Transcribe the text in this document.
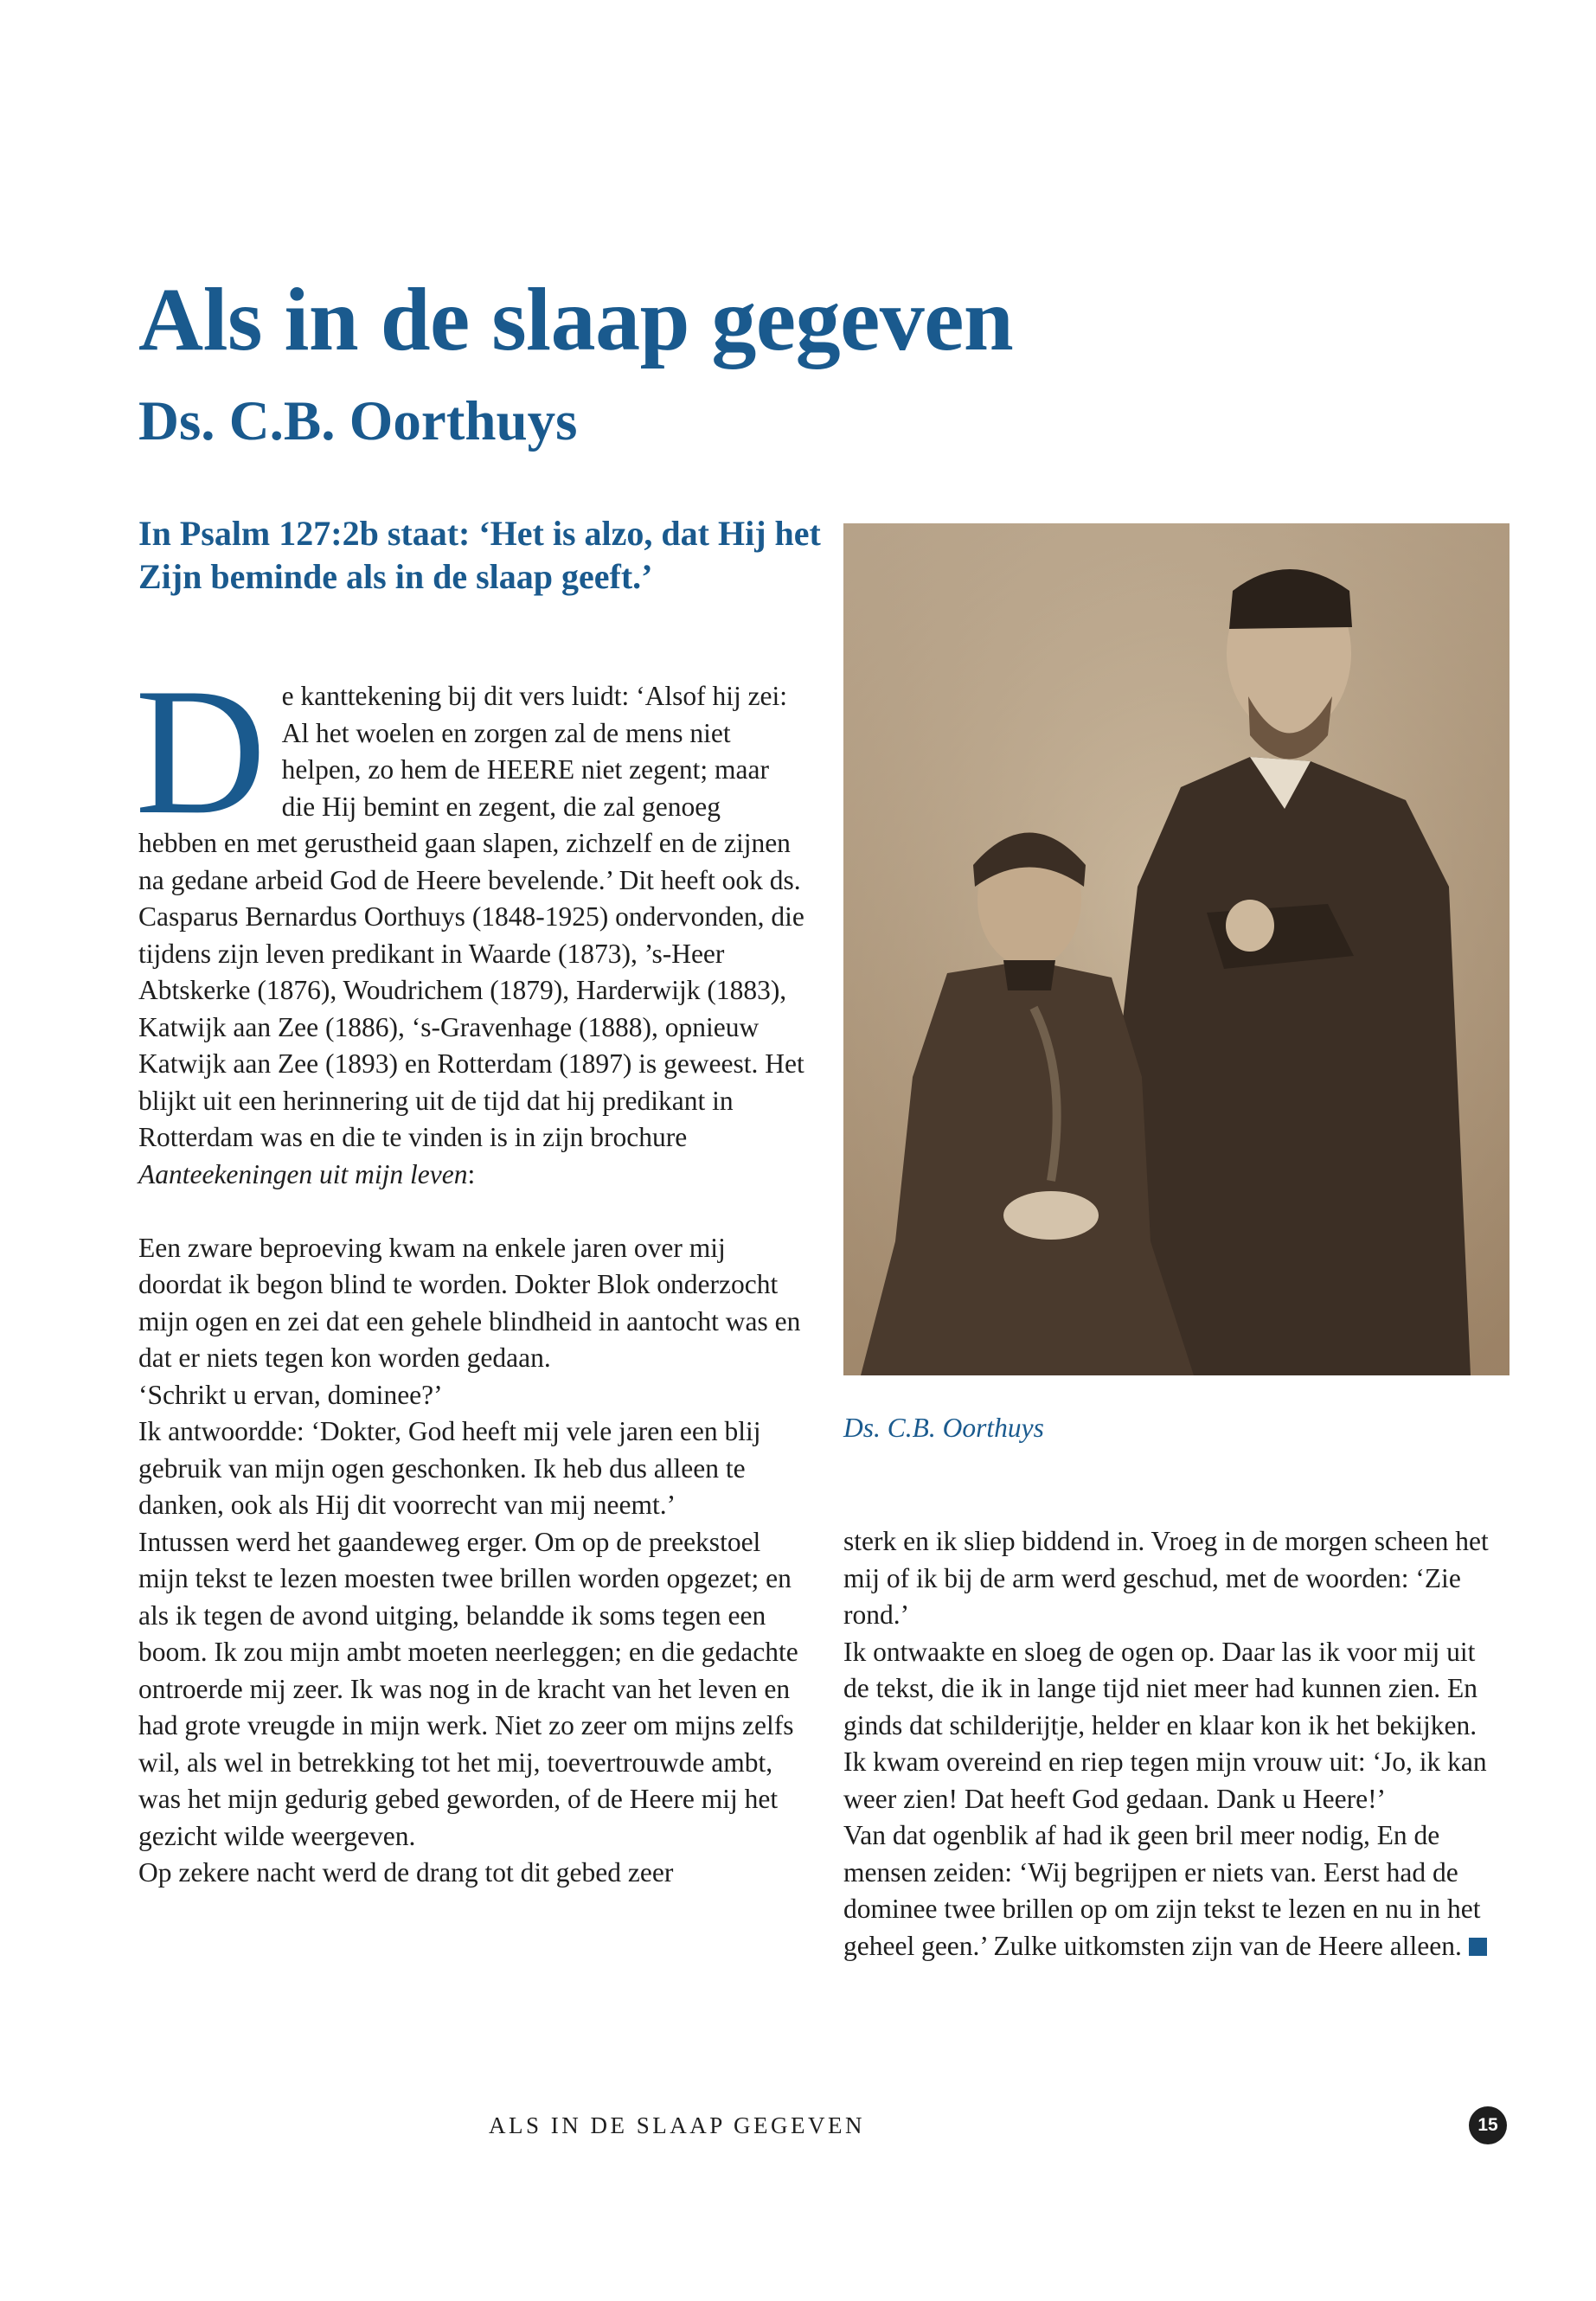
Als in de slaap gegeven
Ds. C.B. Oorthuys

In Psalm 127:2b staat: ‘Het is alzo, dat Hij het Zijn beminde als in de slaap geeft.’

De kanttekening bij dit vers luidt: ‘Alsof hij zei: Al het woelen en zorgen zal de mens niet helpen, zo hem de HEERE niet zegent; maar die Hij bemint en zegent, die zal genoeg hebben en met gerustheid gaan slapen, zichzelf en de zijnen na gedane arbeid God de Heere bevelende.’ Dit heeft ook ds. Casparus Bernardus Oorthuys (1848-1925) ondervonden, die tijdens zijn leven predikant in Waarde (1873), ’s-Heer Abtskerke (1876), Woudrichem (1879), Harderwijk (1883), Katwijk aan Zee (1886), ‘s-Gravenhage (1888), opnieuw Katwijk aan Zee (1893) en Rotterdam (1897) is geweest. Het blijkt uit een herinnering uit de tijd dat hij predikant in Rotterdam was en die te vinden is in zijn brochure Aanteekeningen uit mijn leven:

Een zware beproeving kwam na enkele jaren over mij doordat ik begon blind te worden. Dokter Blok onderzocht mijn ogen en zei dat een gehele blindheid in aantocht was en dat er niets tegen kon worden gedaan.

‘Schrikt u ervan, dominee?’

Ik antwoordde: ‘Dokter, God heeft mij vele jaren een blij gebruik van mijn ogen geschonken. Ik heb dus alleen te danken, ook als Hij dit voorrecht van mij neemt.’

Intussen werd het gaandeweg erger. Om op de preekstoel mijn tekst te lezen moesten twee brillen worden opgezet; en als ik tegen de avond uitging, belandde ik soms tegen een boom. Ik zou mijn ambt moeten neerleggen; en die gedachte ontroerde mij zeer. Ik was nog in de kracht van het leven en had grote vreugde in mijn werk. Niet zo zeer om mijns zelfs wil, als wel in betrekking tot het mij, toevertrouwde ambt, was het mijn gedurig gebed geworden, of de Heere mij het gezicht wilde weergeven.

Op zekere nacht werd de drang tot dit gebed zeer

Ds. C.B. Oorthuys

sterk en ik sliep biddend in. Vroeg in de morgen scheen het mij of ik bij de arm werd geschud, met de woorden: ‘Zie rond.’

Ik ontwaakte en sloeg de ogen op. Daar las ik voor mij uit de tekst, die ik in lange tijd niet meer had kunnen zien. En ginds dat schilderijtje, helder en klaar kon ik het bekijken. Ik kwam overeind en riep tegen mijn vrouw uit: ‘Jo, ik kan weer zien! Dat heeft God gedaan. Dank u Heere!’

Van dat ogenblik af had ik geen bril meer nodig, En de mensen zeiden: ‘Wij begrijpen er niets van. Eerst had de dominee twee brillen op om zijn tekst te lezen en nu in het geheel geen.’ Zulke uitkomsten zijn van de Heere alleen.

ALS IN DE SLAAP GEGEVEN	15
